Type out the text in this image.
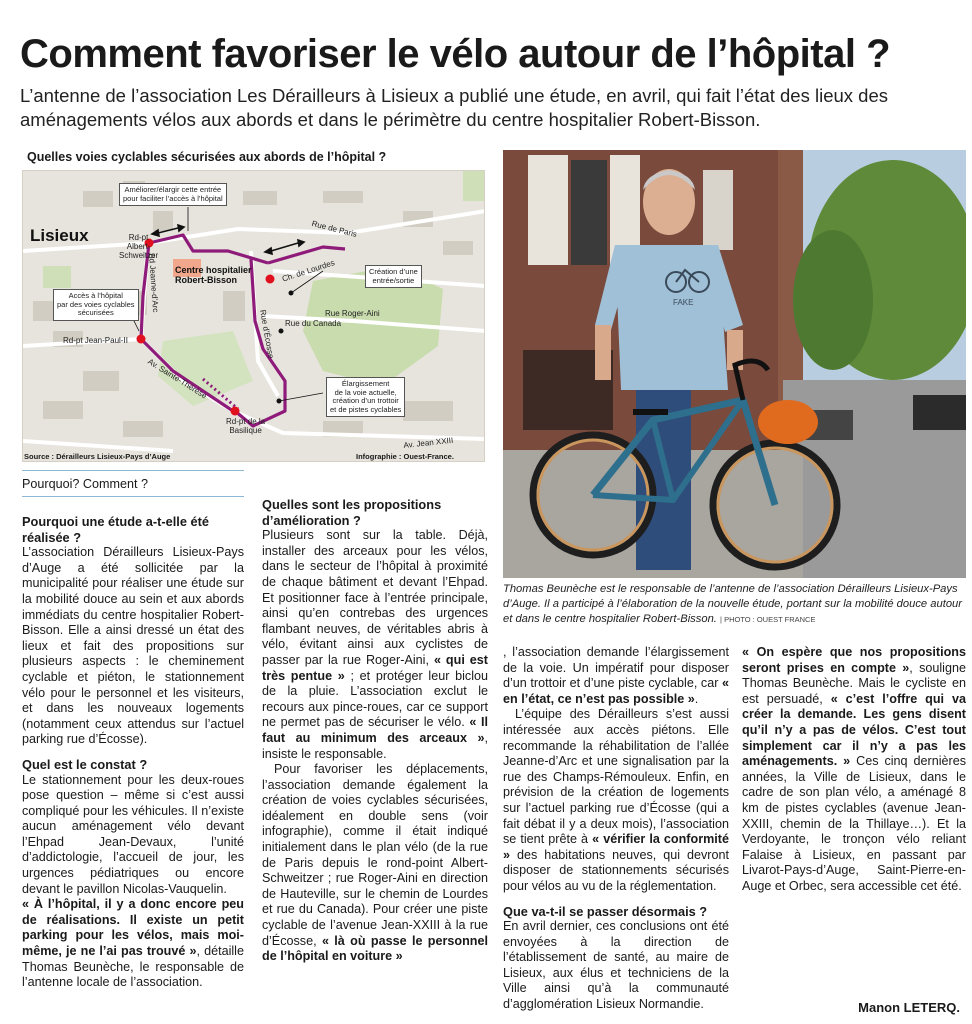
Comment favoriser le vélo autour de l’hôpital ?
L’antenne de l’association Les Dérailleurs à Lisieux a publié une étude, en avril, qui fait l’état des lieux des aménagements vélos aux abords et dans le périmètre du centre hospitalier Robert-Bisson.
Quelles voies cyclables sécurisées aux abords de l’hôpital ?
Lisieux
Centre hospitalier
Robert-Bisson
Rd-pt
Albert-
Schweitzer
Rd-pt Jean-Paul-II
Rd-pt de la
Basilique
Rue de Paris
Ch. de Lourdes
Rue Roger-Aini
Rue du Canada
Rue d’Écosse
Av. Sainte-Thérèse
Av. Jean XXIII
Bd Jeanne-d’Arc
Améliorer/élargir cette entrée
pour faciliter l’accès à l’hôpital
Création d’une
entrée/sortie
Accès à l’hôpital
par des voies cyclables
sécurisées
Élargissement
de la voie actuelle,
création d’un trottoir
et de pistes cyclables
Source : Dérailleurs Lisieux-Pays d’Auge	Infographie : Ouest-France.
FAKE
Thomas Beunèche est le responsable de l’antenne de l’association Dérailleurs Lisieux-Pays d’Auge. Il a participé à l’élaboration de la nouvelle étude, portant sur la mobilité douce autour et dans le centre hospitalier Robert-Bisson. | PHOTO : OUEST FRANCE
Pourquoi? Comment ?
Pourquoi une étude a-t-elle été réalisée ?

L’association Dérailleurs Lisieux-Pays d’Auge a été sollicitée par la municipalité pour réaliser une étude sur la mobilité douce au sein et aux abords immédiats du centre hospitalier Robert-Bisson. Elle a ainsi dressé un état des lieux et fait des propositions sur plusieurs aspects : le cheminement cyclable et piéton, le stationnement vélo pour le personnel et les visiteurs, et dans les nouveaux logements (notamment ceux attendus sur l’actuel parking rue d’Écosse).

Quel est le constat ?

Le stationnement pour les deux-roues pose question – même si c’est aussi compliqué pour les véhicules. Il n’existe aucun aménagement vélo devant l’Ehpad Jean-Devaux, l’unité d’addictologie, l’accueil de jour, les urgences pédiatriques ou encore devant le pavillon Nicolas-Vauquelin.

« À l’hôpital, il y a donc encore peu de réalisations. Il existe un petit parking pour les vélos, mais moi-même, je ne l’ai pas trouvé », détaille Thomas Beunèche, le responsable de l’antenne locale de l’association.

Quelles sont les propositions d’amélioration ?

Plusieurs sont sur la table. Déjà, installer des arceaux pour les vélos, dans le secteur de l’hôpital à proximité de chaque bâtiment et devant l’Ehpad. Et positionner face à l’entrée principale, ainsi qu’en contrebas des urgences flambant neuves, de véritables abris à vélo, évitant ainsi aux cyclistes de passer par la rue Roger-Aini, « qui est très pentue » ; et protéger leur biclou de la pluie. L’association exclut le recours aux pince-roues, car ce support ne permet pas de sécuriser le vélo. « Il faut au minimum des arceaux », insiste le responsable.

Pour favoriser les déplacements, l’association demande également la création de voies cyclables sécurisées, idéalement en double sens (voir infographie), comme il était indiqué initialement dans le plan vélo (de la rue de Paris depuis le rond-point Albert-Schweitzer ; rue Roger-Aini en direction de Hauteville, sur le chemin de Lourdes et rue du Canada). Pour créer une piste cyclable de l’avenue Jean-XXIII à la rue d’Écosse, « là où passe le personnel de l’hôpital en voiture »

, l’association demande l’élargissement de la voie. Un impératif pour disposer d’un trottoir et d’une piste cyclable, car « en l’état, ce n’est pas possible ».

L’équipe des Dérailleurs s’est aussi intéressée aux accès piétons. Elle recommande la réhabilitation de l’allée Jeanne-d’Arc et une signalisation par la rue des Champs-Rémouleux. Enfin, en prévision de la création de logements sur l’actuel parking rue d’Écosse (qui a fait débat il y a deux mois), l’association se tient prête à « vérifier la conformité » des habitations neuves, qui devront disposer de stationnements sécurisés pour vélos au vu de la réglementation.

Que va-t-il se passer désormais ?

En avril dernier, ces conclusions ont été envoyées à la direction de l’établissement de santé, au maire de Lisieux, aux élus et techniciens de la Ville ainsi qu’à la communauté d’agglomération Lisieux Normandie.

« On espère que nos propositions seront prises en compte », souligne Thomas Beunèche. Mais le cycliste en est persuadé, « c’est l’offre qui va créer la demande. Les gens disent qu’il n’y a pas de vélos. C’est tout simplement car il n’y a pas les aménagements. » Ces cinq dernières années, la Ville de Lisieux, dans le cadre de son plan vélo, a aménagé 8 km de pistes cyclables (avenue Jean-XXIII, chemin de la Thillaye…). Et la Verdoyante, le tronçon vélo reliant Falaise à Lisieux, en passant par Livarot-Pays-d’Auge, Saint-Pierre-en-Auge et Orbec, sera accessible cet été.

Manon LETERQ.
